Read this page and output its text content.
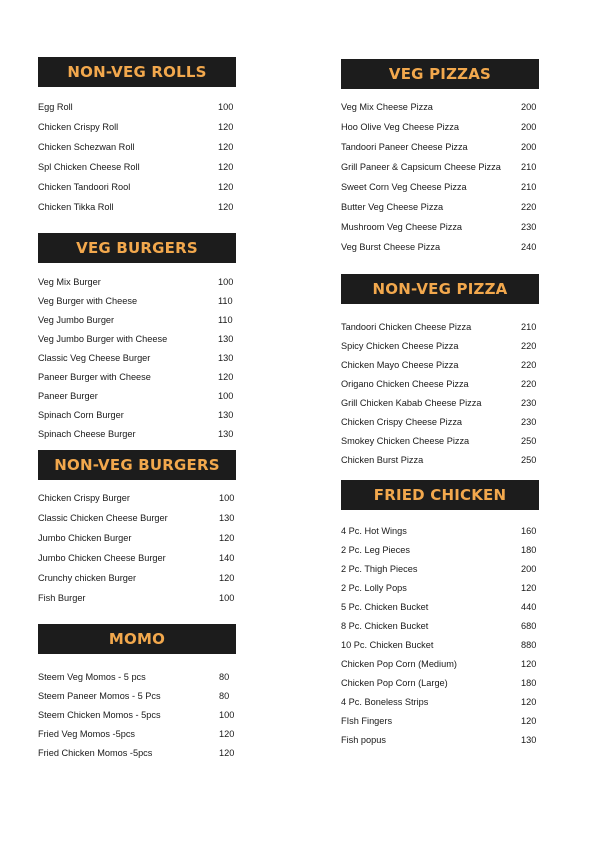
NON-VEG ROLLS
Egg Roll	100
Chicken Crispy Roll	120
Chicken Schezwan Roll	120
Spl Chicken Cheese Roll	120
Chicken Tandoori Rool	120
Chicken Tikka Roll	120
VEG BURGERS
Veg Mix Burger	100
Veg Burger with Cheese	110
Veg Jumbo Burger	110
Veg Jumbo Burger with Cheese	130
Classic Veg Cheese Burger	130
Paneer Burger with Cheese	120
Paneer Burger	100
Spinach Corn Burger	130
Spinach Cheese Burger	130
NON-VEG BURGERS
Chicken Crispy Burger	100
Classic Chicken Cheese Burger	130
Jumbo Chicken Burger	120
Jumbo Chicken Cheese Burger	140
Crunchy chicken Burger	120
Fish Burger	100
MOMO
Steem Veg Momos - 5 pcs	80
Steem Paneer Momos - 5 Pcs	80
Steem Chicken Momos - 5pcs	100
Fried Veg Momos -5pcs	120
Fried Chicken Momos -5pcs	120
VEG PIZZAS
Veg Mix Cheese Pizza	200
Hoo Olive Veg Cheese Pizza	200
Tandoori Paneer Cheese Pizza	200
Grill Paneer & Capsicum Cheese Pizza 210
Sweet Corn Veg Cheese Pizza	210
Butter Veg Cheese Pizza	220
Mushroom Veg Cheese Pizza	230
Veg Burst Cheese Pizza	240
NON-VEG PIZZA
Tandoori Chicken Cheese Pizza	210
Spicy Chicken Cheese Pizza	220
Chicken Mayo Cheese Pizza	220
Origano Chicken Cheese Pizza	220
Grill Chicken Kabab Cheese Pizza	230
Chicken Crispy Cheese Pizza	230
Smokey Chicken Cheese Pizza	250
Chicken Burst Pizza	250
FRIED CHICKEN
4 Pc. Hot Wings	160
2 Pc. Leg Pieces	180
2 Pc. Thigh Pieces	200
2 Pc. Lolly Pops	120
5 Pc. Chicken Bucket	440
8 Pc. Chicken Bucket	680
10 Pc. Chicken Bucket	880
Chicken Pop Corn (Medium)	120
Chicken Pop Corn (Large)	180
4 Pc. Boneless Strips	120
FIsh Fingers	120
Fish popus	130
